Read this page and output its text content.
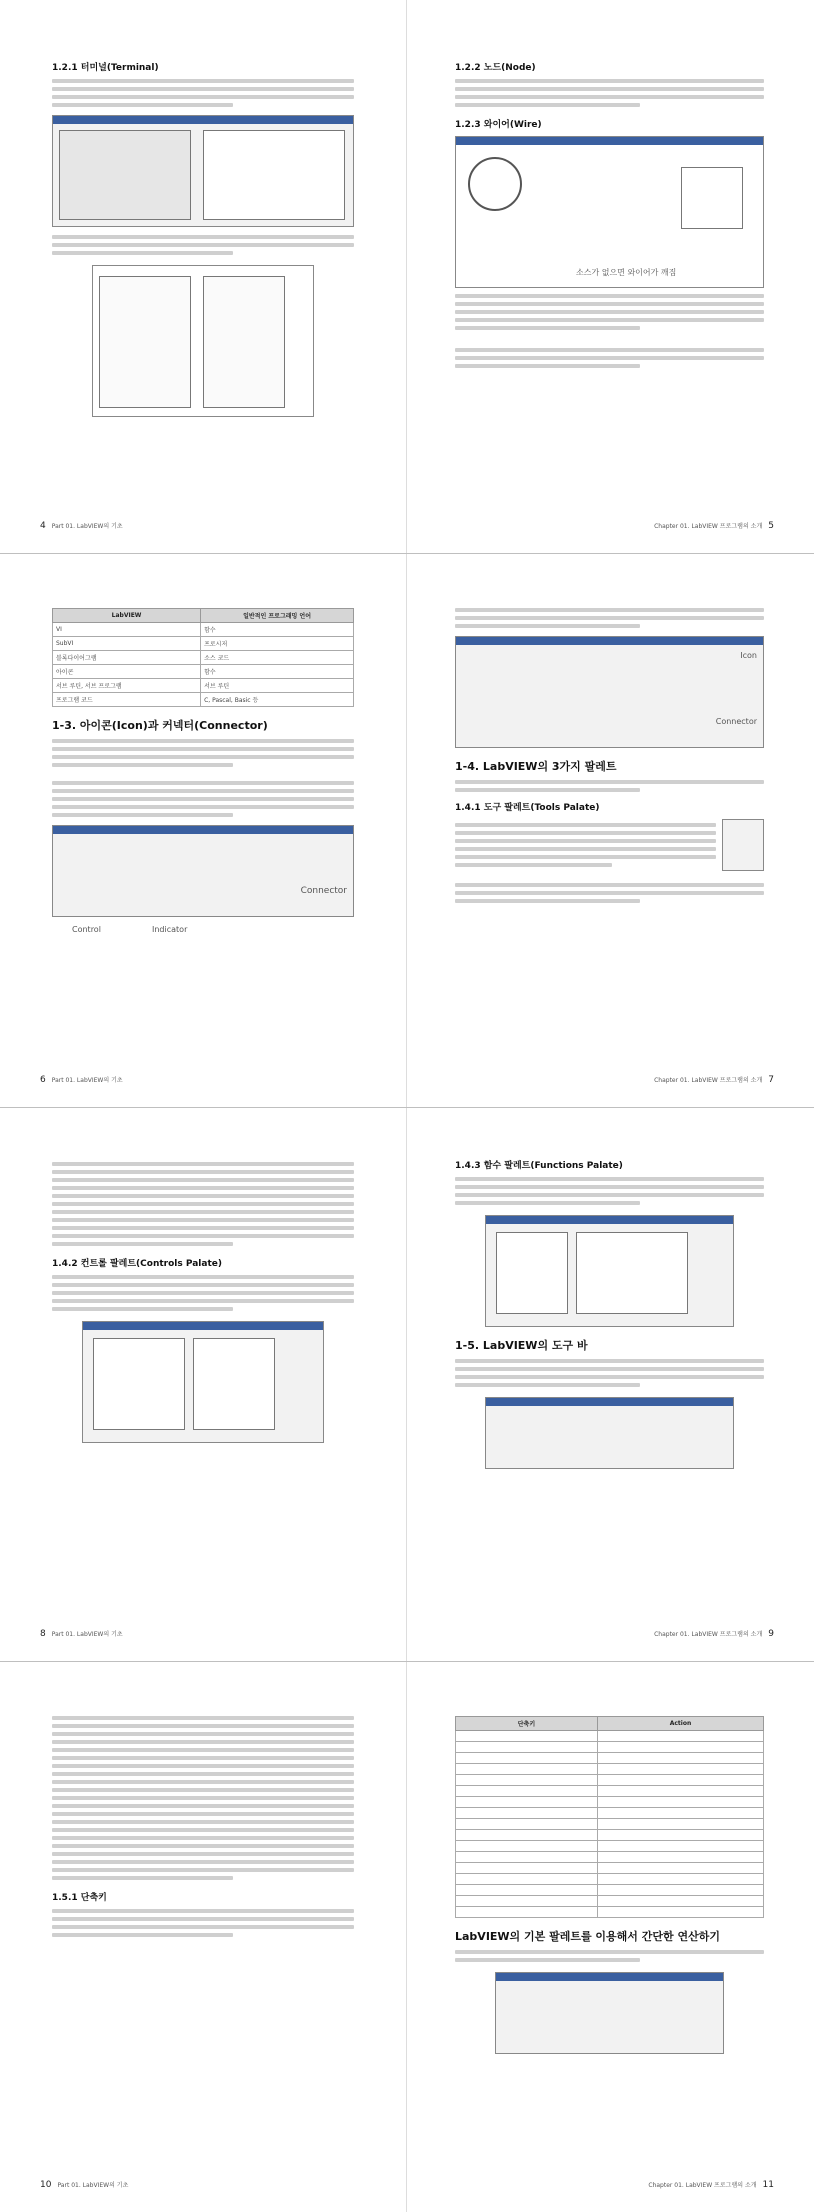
1.2.1 터미널(Terminal)
4 Part 01. LabVIEW의 기초
1.2.2 노드(Node)
1.2.3 와이어(Wire)
소스가 없으면 와이어가 깨짐
Chapter 01. LabVIEW 프로그램의 소개 5
LabVIEW	일반적인 프로그래밍 언어
VI	함수
SubVI	프로시저
블록다이어그램	소스 코드
아이콘	함수
서브 루틴, 서브 프로그램	서브 루틴
프로그램 코드	C, Pascal, Basic 등
1-3. 아이콘(Icon)과 커넥터(Connector)
Connector
Control	Indicator
6 Part 01. LabVIEW의 기초
Icon
Connector
1-4. LabVIEW의 3가지 팔레트
1.4.1 도구 팔레트(Tools Palate)
Chapter 01. LabVIEW 프로그램의 소개 7
1.4.2 컨트롤 팔레트(Controls Palate)
8 Part 01. LabVIEW의 기초
1.4.3 함수 팔레트(Functions Palate)
1-5. LabVIEW의 도구 바
Chapter 01. LabVIEW 프로그램의 소개 9
1.5.1 단축키
10 Part 01. LabVIEW의 기초
단축키	Action

LabVIEW의 기본 팔레트를 이용해서 간단한 연산하기
Chapter 01. LabVIEW 프로그램의 소개 11
